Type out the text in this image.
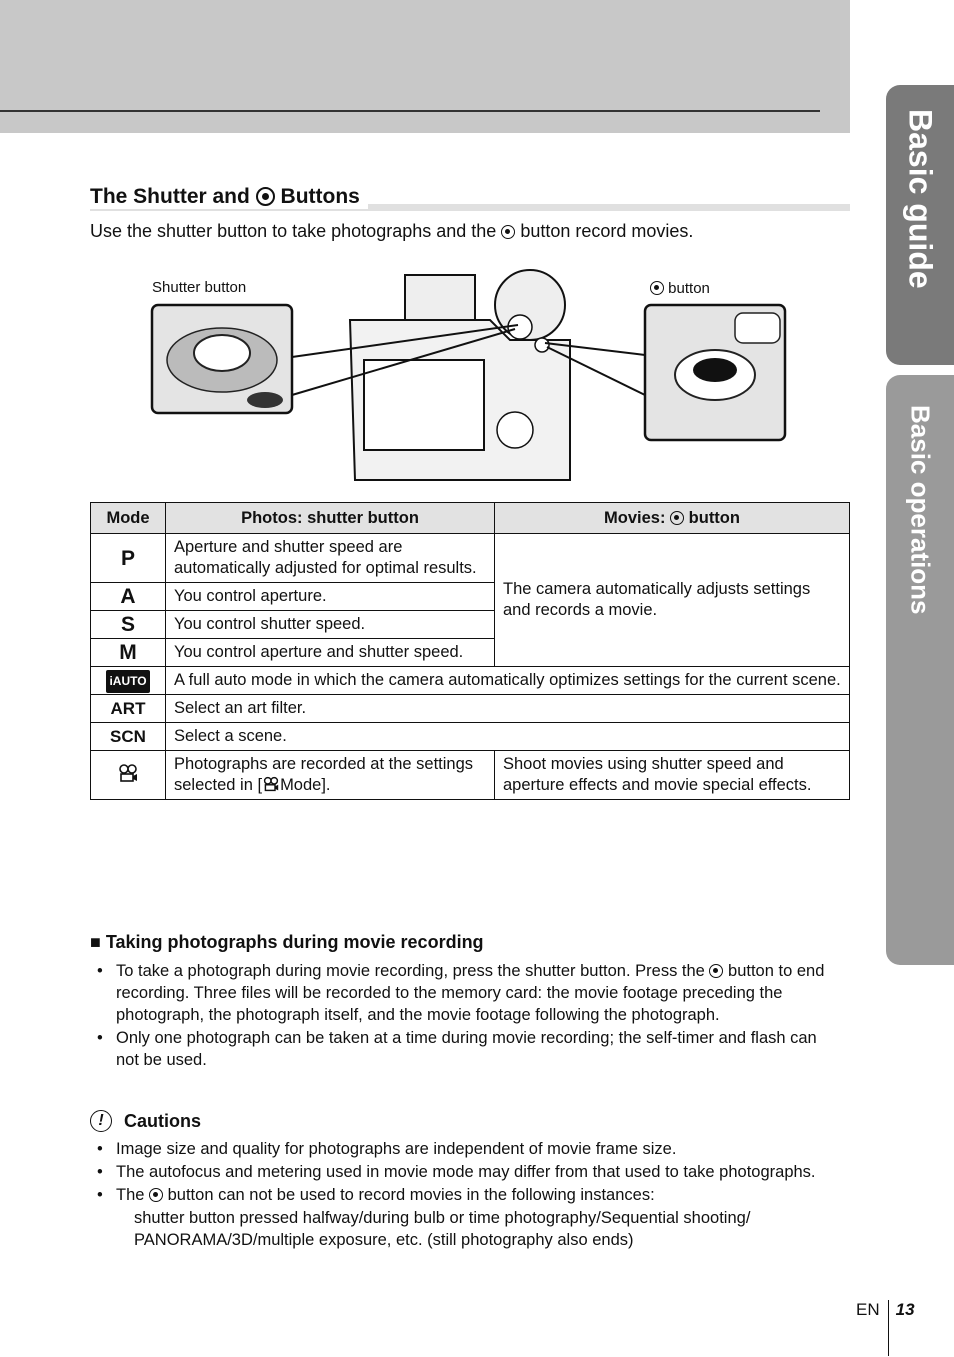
Basic guide
Basic operations
The Shutter and Buttons
Use the shutter button to take photographs and the button record movies.
Shutter button	button
Mode	Photos: shutter button	Movies: button
P	Aperture and shutter speed are automatically adjusted for optimal results.	The camera automatically adjusts settings and records a movie.
A	You control aperture.	
S	You control shutter speed.	
M	You control aperture and shutter speed.	
iAUTO	A full auto mode in which the camera automatically optimizes settings for the current scene.	
ART	Select an art filter.	
SCN	Select a scene.	
	Photographs are recorded at the settings selected in [ Mode].	Shoot movies using shutter speed and aperture effects and movie special effects.
■ Taking photographs during movie recording
• To take a photograph during movie recording, press the shutter button. Press the button to end recording. Three files will be recorded to the memory card: the movie footage preceding the photograph, the photograph itself, and the movie footage following the photograph.
• Only one photograph can be taken at a time during movie recording; the self-timer and flash can not be used.
!	Cautions
• Image size and quality for photographs are independent of movie frame size.
• The autofocus and metering used in movie mode may differ from that used to take photographs.
• The button can not be used to record movies in the following instances:
shutter button pressed halfway/during bulb or time photography/Sequential shooting/ PANORAMA/3D/multiple exposure, etc. (still photography also ends)
EN 13
